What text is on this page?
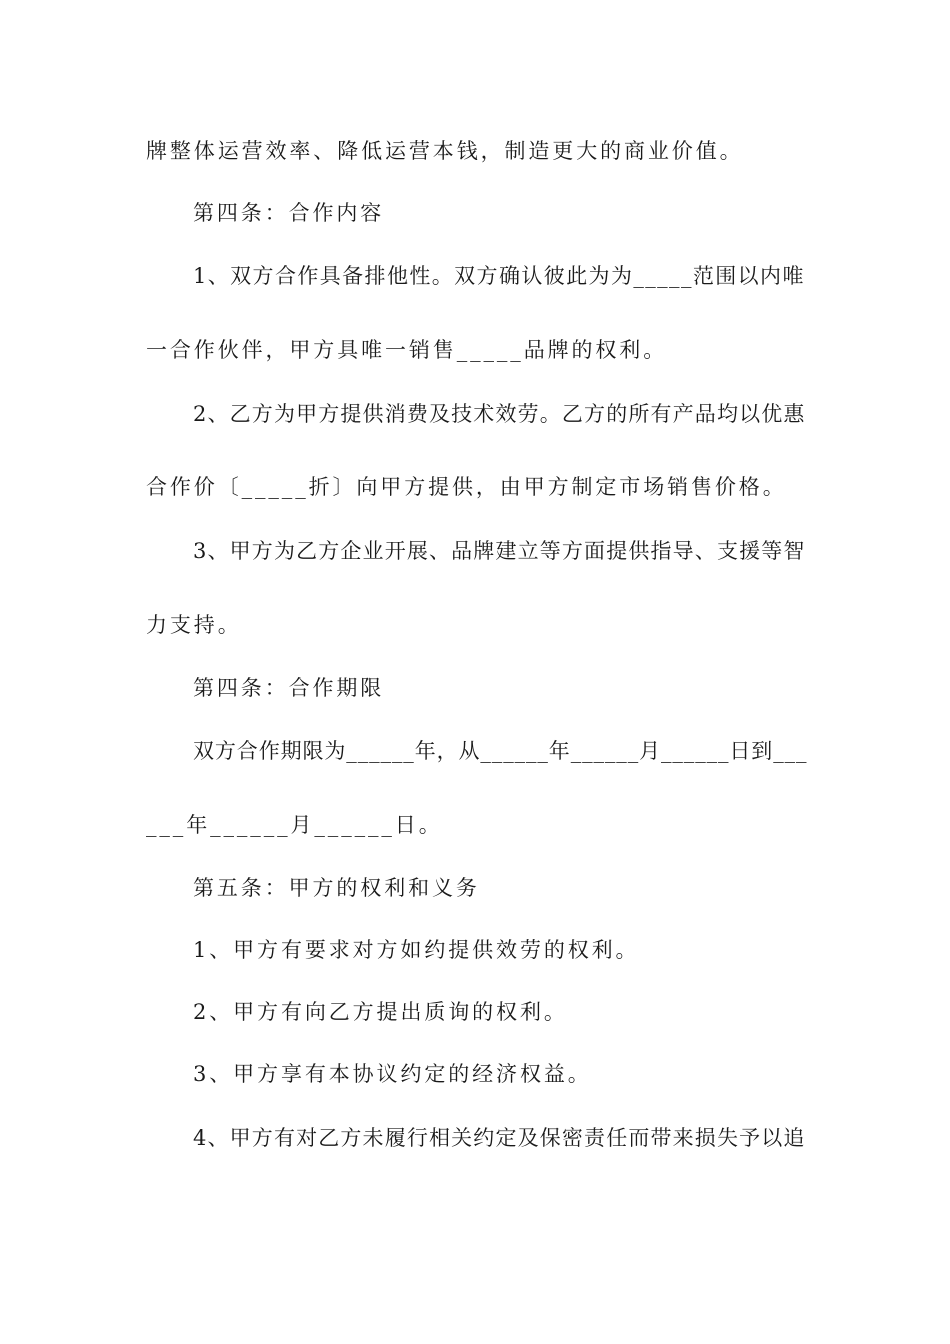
牌整体运营效率、降低运营本钱，制造更大的商业价值。
第四条：合作内容
1、双方合作具备排他性。双方确认彼此为为_____范围以内唯
一合作伙伴，甲方具唯一销售_____品牌的权利。
2、乙方为甲方提供消费及技术效劳。乙方的所有产品均以优惠
合作价〔_____折〕向甲方提供，由甲方制定市场销售价格。
3、甲方为乙方企业开展、品牌建立等方面提供指导、支援等智
力支持。
第四条：合作期限
双方合作期限为______年，从______年______月______日到___
___年______月______日。
第五条：甲方的权利和义务
1、甲方有要求对方如约提供效劳的权利。
2、甲方有向乙方提出质询的权利。
3、甲方享有本协议约定的经济权益。
4、甲方有对乙方未履行相关约定及保密责任而带来损失予以追
